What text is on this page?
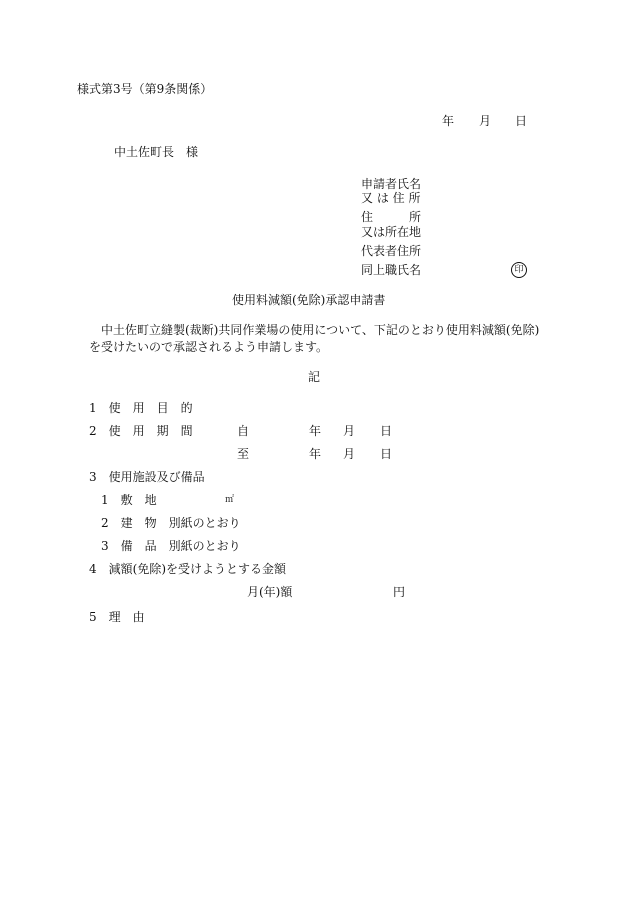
様式第3号（第9条関係）
年 月 日
中土佐町長　様
申請者氏名
又 は 住 所
住　　　所
又は所在地
代表者住所
同上職氏名	印
使用料減額(免除)承認申請書
中土佐町立縫製(裁断)共同作業場の使用について、下記のとおり使用料減額(免除)
を受けたいので承認されるよう申請します。
記
1　使　用　目　的
2　使　用　期　間	自	年 月 日
至	年 月 日
3　使用施設及び備品
1　敷　地	㎡
2　建　物　別紙のとおり
3　備　品　別紙のとおり
4　減額(免除)を受けようとする金額
月(年)額	円
5　理　由
